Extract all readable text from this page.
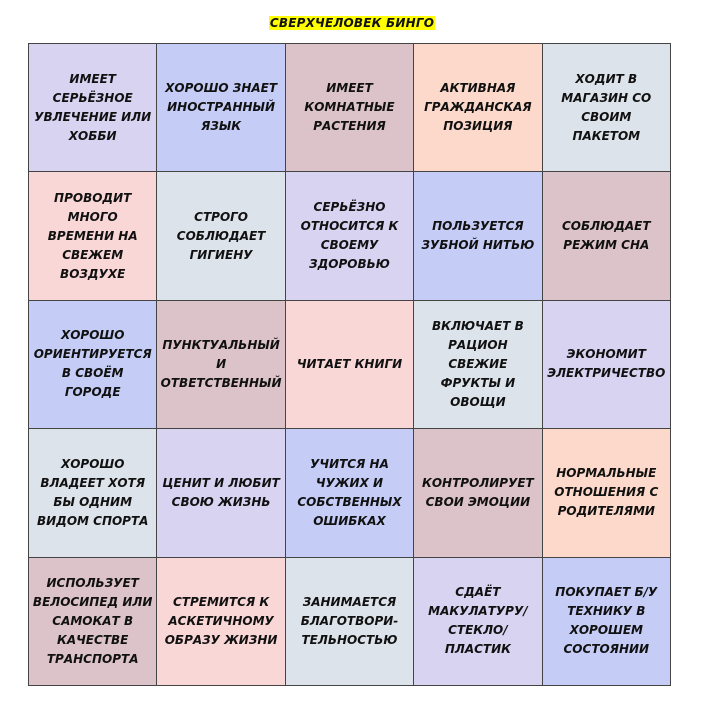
СВЕРХЧЕЛОВЕК БИНГО
ИМЕЕТ
СЕРЬЁЗНОЕ
УВЛЕЧЕНИЕ ИЛИ
ХОББИ
ХОРОШО ЗНАЕТ
ИНОСТРАННЫЙ
ЯЗЫК
ИМЕЕТ
КОМНАТНЫЕ
РАСТЕНИЯ
АКТИВНАЯ
ГРАЖДАНСКАЯ
ПОЗИЦИЯ
ХОДИТ В
МАГАЗИН СО
СВОИМ
ПАКЕТОМ
ПРОВОДИТ
МНОГО
ВРЕМЕНИ НА
СВЕЖЕМ
ВОЗДУХЕ
СТРОГО
СОБЛЮДАЕТ
ГИГИЕНУ
СЕРЬЁЗНО
ОТНОСИТСЯ К
СВОЕМУ
ЗДОРОВЬЮ
ПОЛЬЗУЕТСЯ
ЗУБНОЙ НИТЬЮ
СОБЛЮДАЕТ
РЕЖИМ СНА
ХОРОШО
ОРИЕНТИРУЕТСЯ
В СВОЁМ
ГОРОДЕ
ПУНКТУАЛЬНЫЙ
И
ОТВЕТСТВЕННЫЙ
ЧИТАЕТ КНИГИ
ВКЛЮЧАЕТ В
РАЦИОН СВЕЖИЕ
ФРУКТЫ И
ОВОЩИ
ЭКОНОМИТ
ЭЛЕКТРИЧЕСТВО
ХОРОШО
ВЛАДЕЕТ ХОТЯ
БЫ ОДНИМ
ВИДОМ СПОРТА
ЦЕНИТ И ЛЮБИТ
СВОЮ ЖИЗНЬ
УЧИТСЯ НА
ЧУЖИХ И
СОБСТВЕННЫХ
ОШИБКАХ
КОНТРОЛИРУЕТ
СВОИ ЭМОЦИИ
НОРМАЛЬНЫЕ
ОТНОШЕНИЯ С
РОДИТЕЛЯМИ
ИСПОЛЬЗУЕТ
ВЕЛОСИПЕД ИЛИ
САМОКАТ В
КАЧЕСТВЕ
ТРАНСПОРТА
СТРЕМИТСЯ К
АСКЕТИЧНОМУ
ОБРАЗУ ЖИЗНИ
ЗАНИМАЕТСЯ
БЛАГОТВОРИ-
ТЕЛЬНОСТЬЮ
СДАЁТ
МАКУЛАТУРУ/
СТЕКЛО/
ПЛАСТИК
ПОКУПАЕТ Б/У
ТЕХНИКУ В
ХОРОШЕМ
СОСТОЯНИИ
